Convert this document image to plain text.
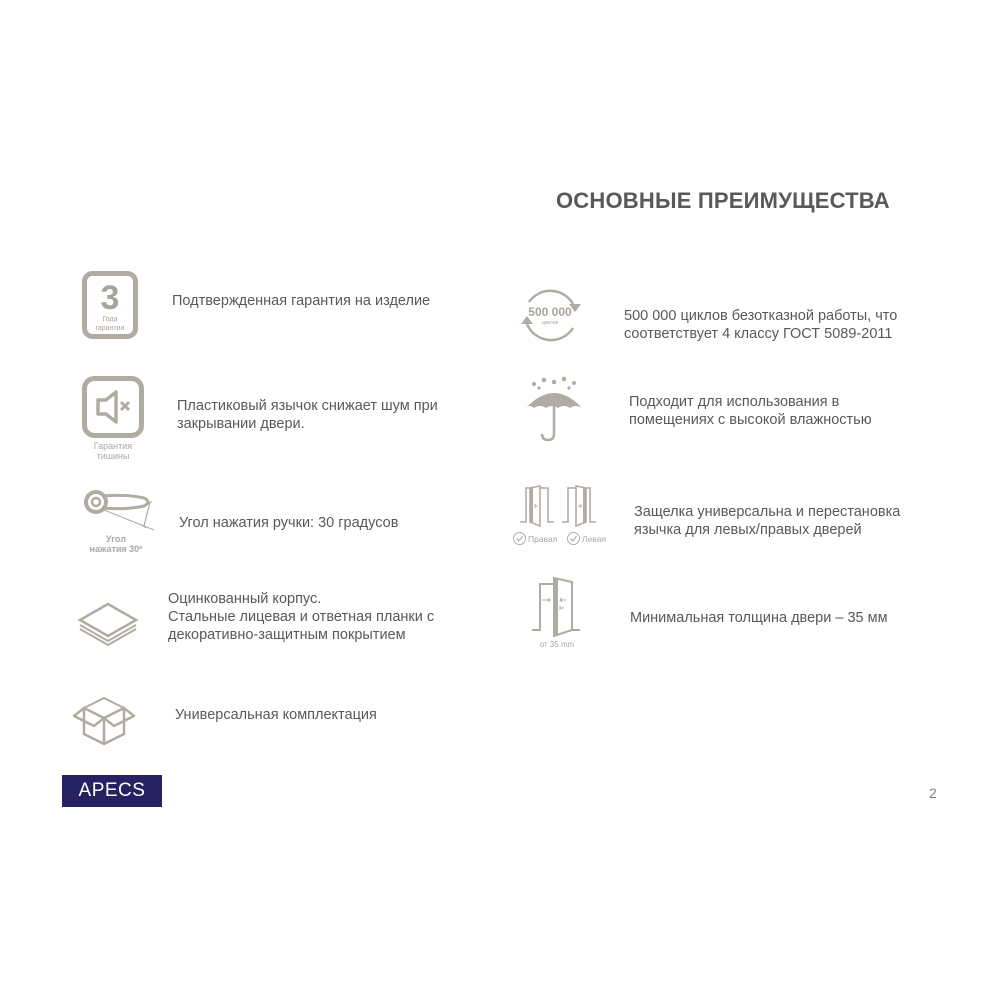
ОСНОВНЫЕ ПРЕИМУЩЕСТВА
3
Года
гарантии
Подтвержденная гарантия на изделие
Гарантия
тишины
Пластиковый язычок снижает шум при
закрывании двери.
Угол
нажатия 30º
Угол нажатия ручки: 30 градусов
Оцинкованный корпус.
Стальные лицевая и ответная планки с
декоративно-защитным покрытием
Универсальная комплектация
500 000
циклов	500 000 циклов безотказной работы, что
соответствует 4 классу ГОСТ 5089-2011
Подходит для использования в
помещениях с высокой влажностью
Правая	Левая
Защелка универсальна и перестановка
язычка для левых/правых дверей
от 35 mm
Минимальная толщина двери – 35 мм
APECS	2
